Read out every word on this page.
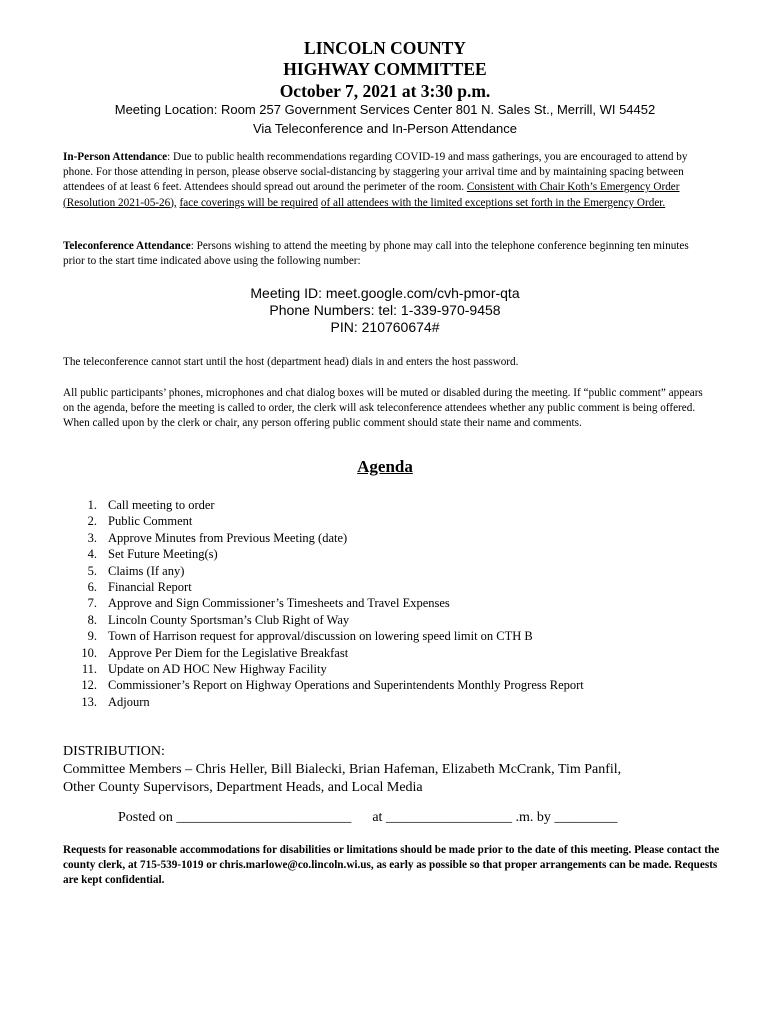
LINCOLN COUNTY
HIGHWAY COMMITTEE
October 7, 2021 at 3:30 p.m.
Meeting Location: Room 257 Government Services Center 801 N. Sales St., Merrill, WI 54452
Via Teleconference and In-Person Attendance

In-Person Attendance: Due to public health recommendations regarding COVID-19 and mass gatherings, you are encouraged to attend by phone. For those attending in person, please observe social-distancing by staggering your arrival time and by maintaining spacing between attendees of at least 6 feet. Attendees should spread out around the perimeter of the room. Consistent with Chair Koth’s Emergency Order (Resolution 2021-05-26), face coverings will be required of all attendees with the limited exceptions set forth in the Emergency Order.

Teleconference Attendance: Persons wishing to attend the meeting by phone may call into the telephone conference beginning ten minutes prior to the start time indicated above using the following number:

Meeting ID: meet.google.com/cvh-pmor-qta
Phone Numbers: tel: 1-339-970-9458
PIN: 210760674#

The teleconference cannot start until the host (department head) dials in and enters the host password.

All public participants’ phones, microphones and chat dialog boxes will be muted or disabled during the meeting. If “public comment” appears on the agenda, before the meeting is called to order, the clerk will ask teleconference attendees whether any public comment is being offered. When called upon by the clerk or chair, any person offering public comment should state their name and comments.

Agenda
1. Call meeting to order
2. Public Comment
3. Approve Minutes from Previous Meeting (date)
4. Set Future Meeting(s)
5. Claims (If any)
6. Financial Report
7. Approve and Sign Commissioner’s Timesheets and Travel Expenses
8. Lincoln County Sportsman’s Club Right of Way
9. Town of Harrison request for approval/discussion on lowering speed limit on CTH B
10. Approve Per Diem for the Legislative Breakfast
11. Update on AD HOC New Highway Facility
12. Commissioner’s Report on Highway Operations and Superintendents Monthly Progress Report
13. Adjourn
DISTRIBUTION:
Committee Members – Chris Heller, Bill Bialecki, Brian Hafeman, Elizabeth McCrank, Tim Panfil,
Other County Supervisors, Department Heads, and Local Media
Posted on _________________________      at __________________ .m. by _________
Requests for reasonable accommodations for disabilities or limitations should be made prior to the date of this meeting. Please contact the county clerk, at 715-539-1019 or chris.marlowe@co.lincoln.wi.us, as early as possible so that proper arrangements can be made. Requests are kept confidential.
